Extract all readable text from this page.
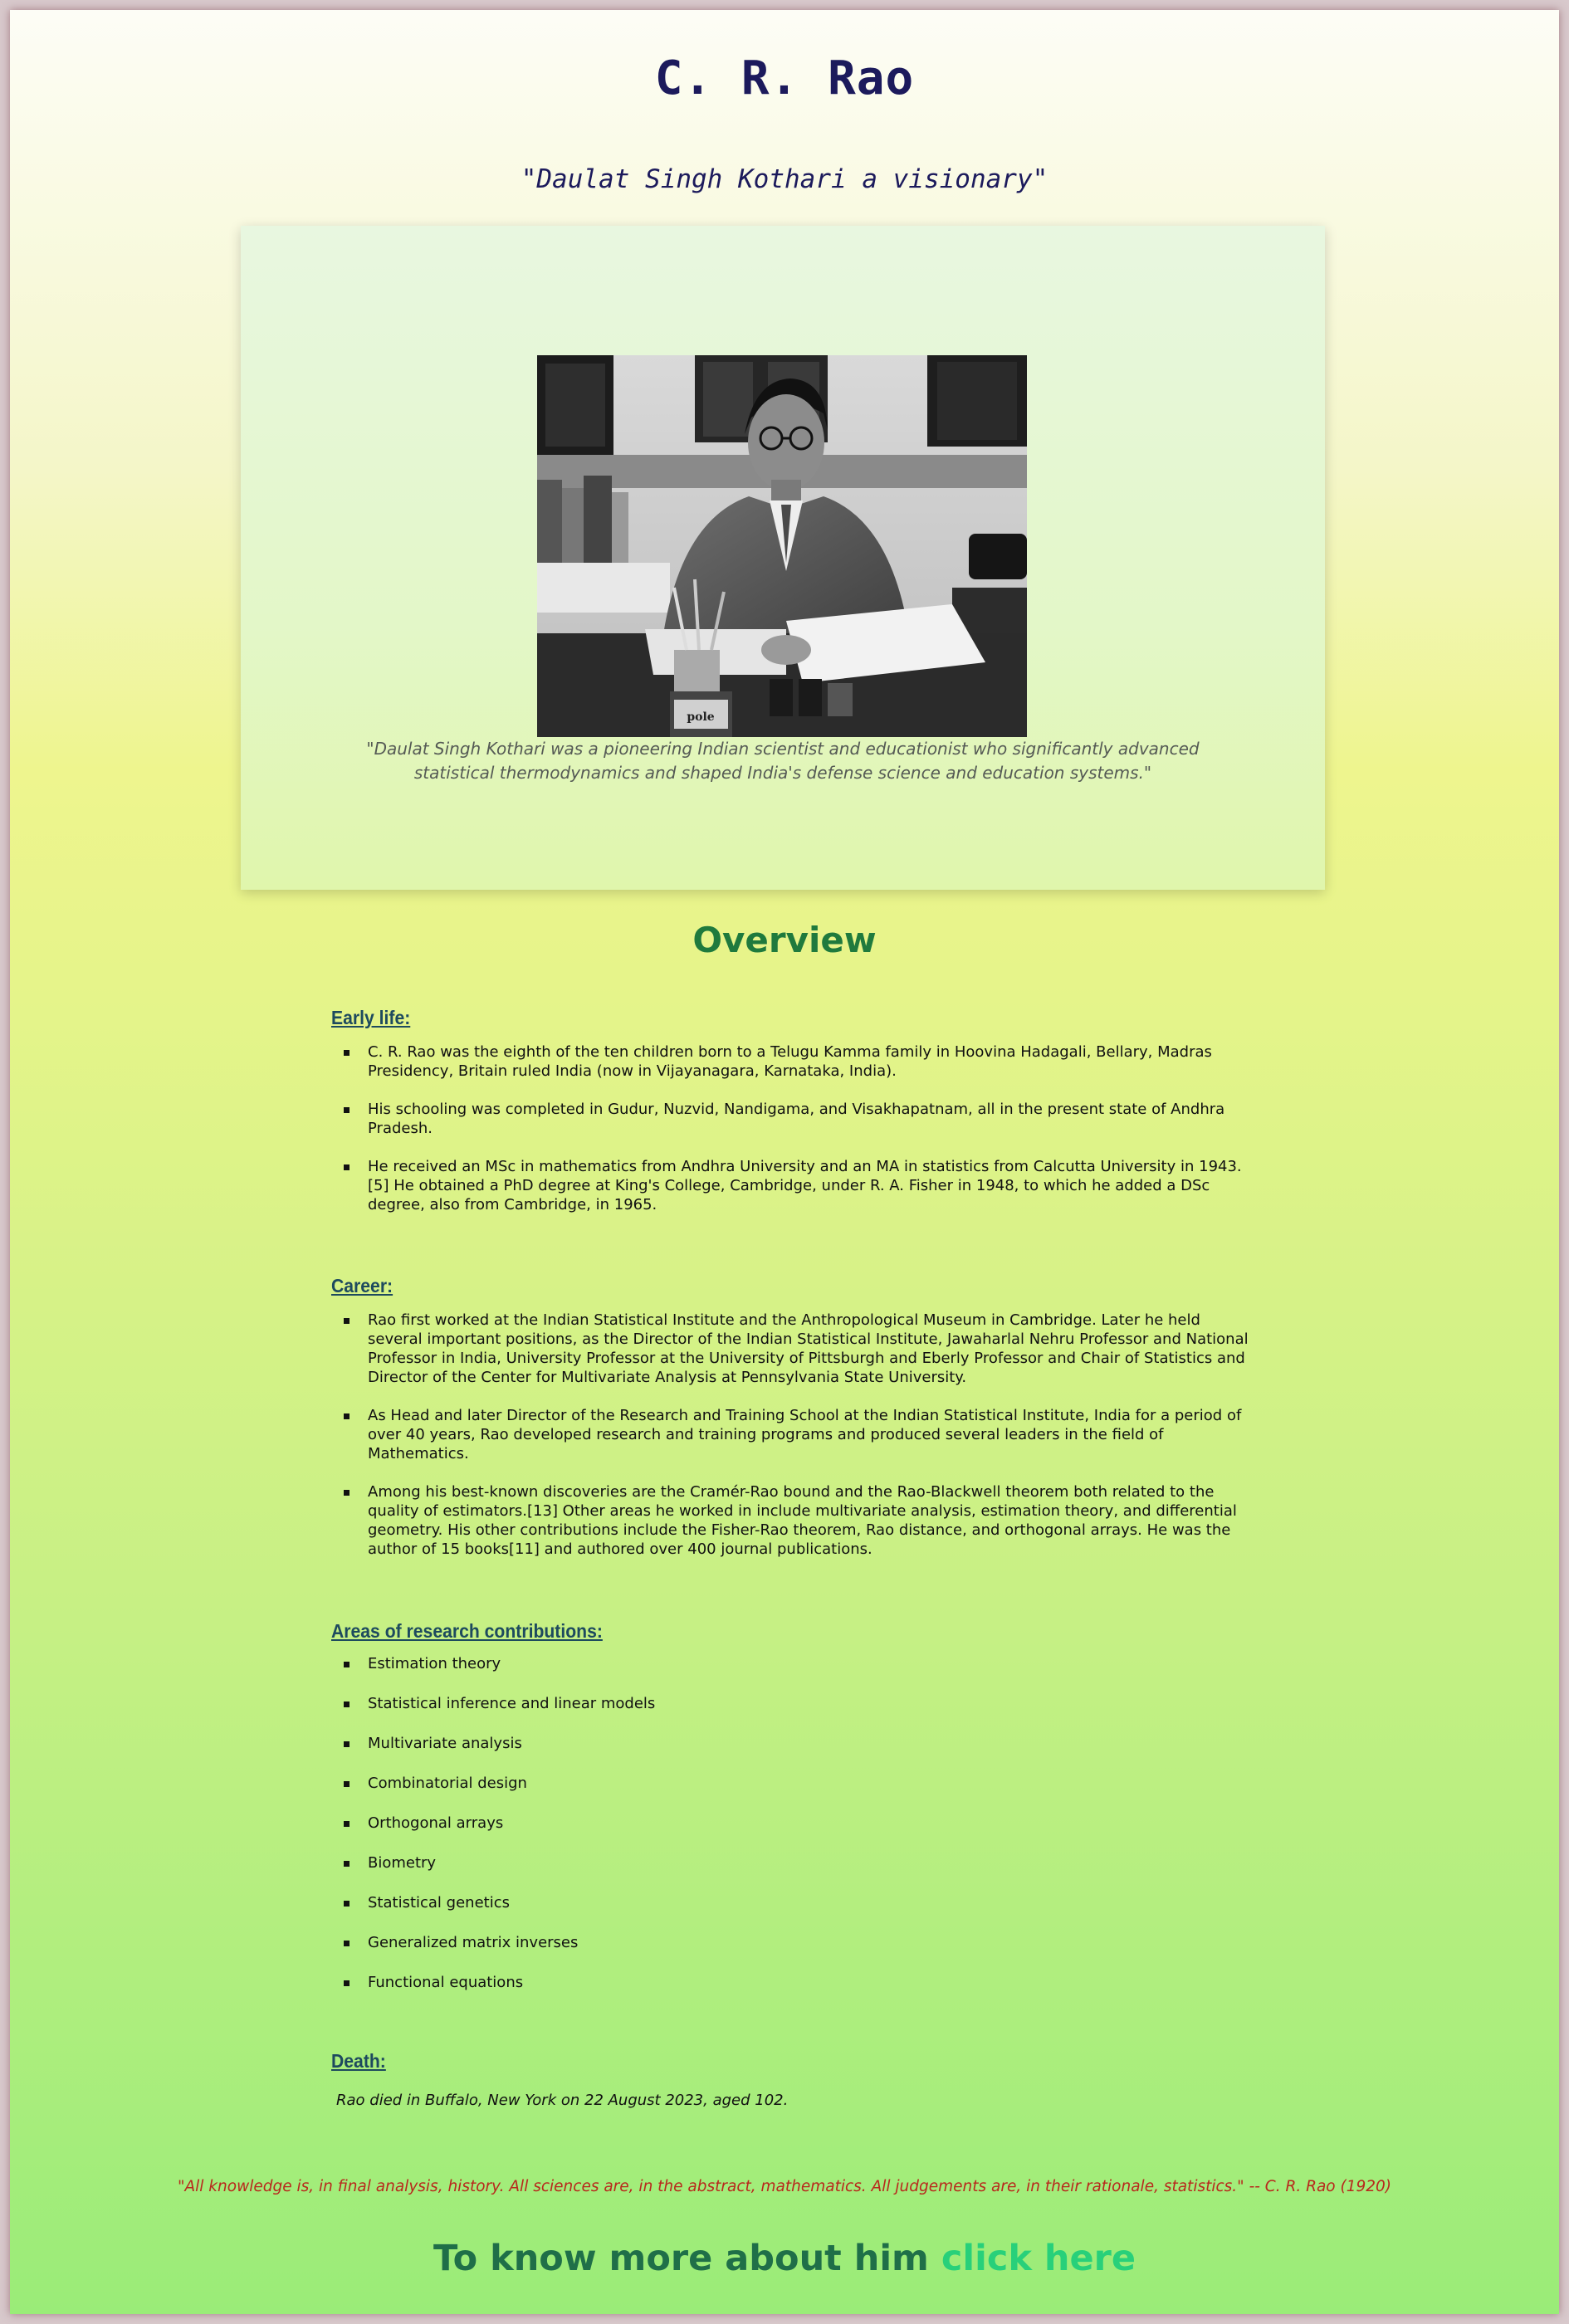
C. R. Rao
"Daulat Singh Kothari a visionary"
pole
"Daulat Singh Kothari was a pioneering Indian scientist and educationist who significantly advanced statistical thermodynamics and shaped India's defense science and education systems."
Overview
Early life:
C. R. Rao was the eighth of the ten children born to a Telugu Kamma family in Hoovina Hadagali, Bellary, Madras Presidency, Britain ruled India (now in Vijayanagara, Karnataka, India).
His schooling was completed in Gudur, Nuzvid, Nandigama, and Visakhapatnam, all in the present state of Andhra Pradesh.
He received an MSc in mathematics from Andhra University and an MA in statistics from Calcutta University in 1943.[5] He obtained a PhD degree at King's College, Cambridge, under R. A. Fisher in 1948, to which he added a DSc degree, also from Cambridge, in 1965.
Career:
Rao first worked at the Indian Statistical Institute and the Anthropological Museum in Cambridge. Later he held several important positions, as the Director of the Indian Statistical Institute, Jawaharlal Nehru Professor and National Professor in India, University Professor at the University of Pittsburgh and Eberly Professor and Chair of Statistics and Director of the Center for Multivariate Analysis at Pennsylvania State University.
As Head and later Director of the Research and Training School at the Indian Statistical Institute, India for a period of over 40 years, Rao developed research and training programs and produced several leaders in the field of Mathematics.
Among his best-known discoveries are the Cramér-Rao bound and the Rao-Blackwell theorem both related to the quality of estimators.[13] Other areas he worked in include multivariate analysis, estimation theory, and differential geometry. His other contributions include the Fisher-Rao theorem, Rao distance, and orthogonal arrays. He was the author of 15 books[11] and authored over 400 journal publications.
Areas of research contributions:
Estimation theory
Statistical inference and linear models
Multivariate analysis
Combinatorial design
Orthogonal arrays
Biometry
Statistical genetics
Generalized matrix inverses
Functional equations
Death:
Rao died in Buffalo, New York on 22 August 2023, aged 102.
"All knowledge is, in final analysis, history. All sciences are, in the abstract, mathematics. All judgements are, in their rationale, statistics." -- C. R. Rao (1920)
To know more about him click here
